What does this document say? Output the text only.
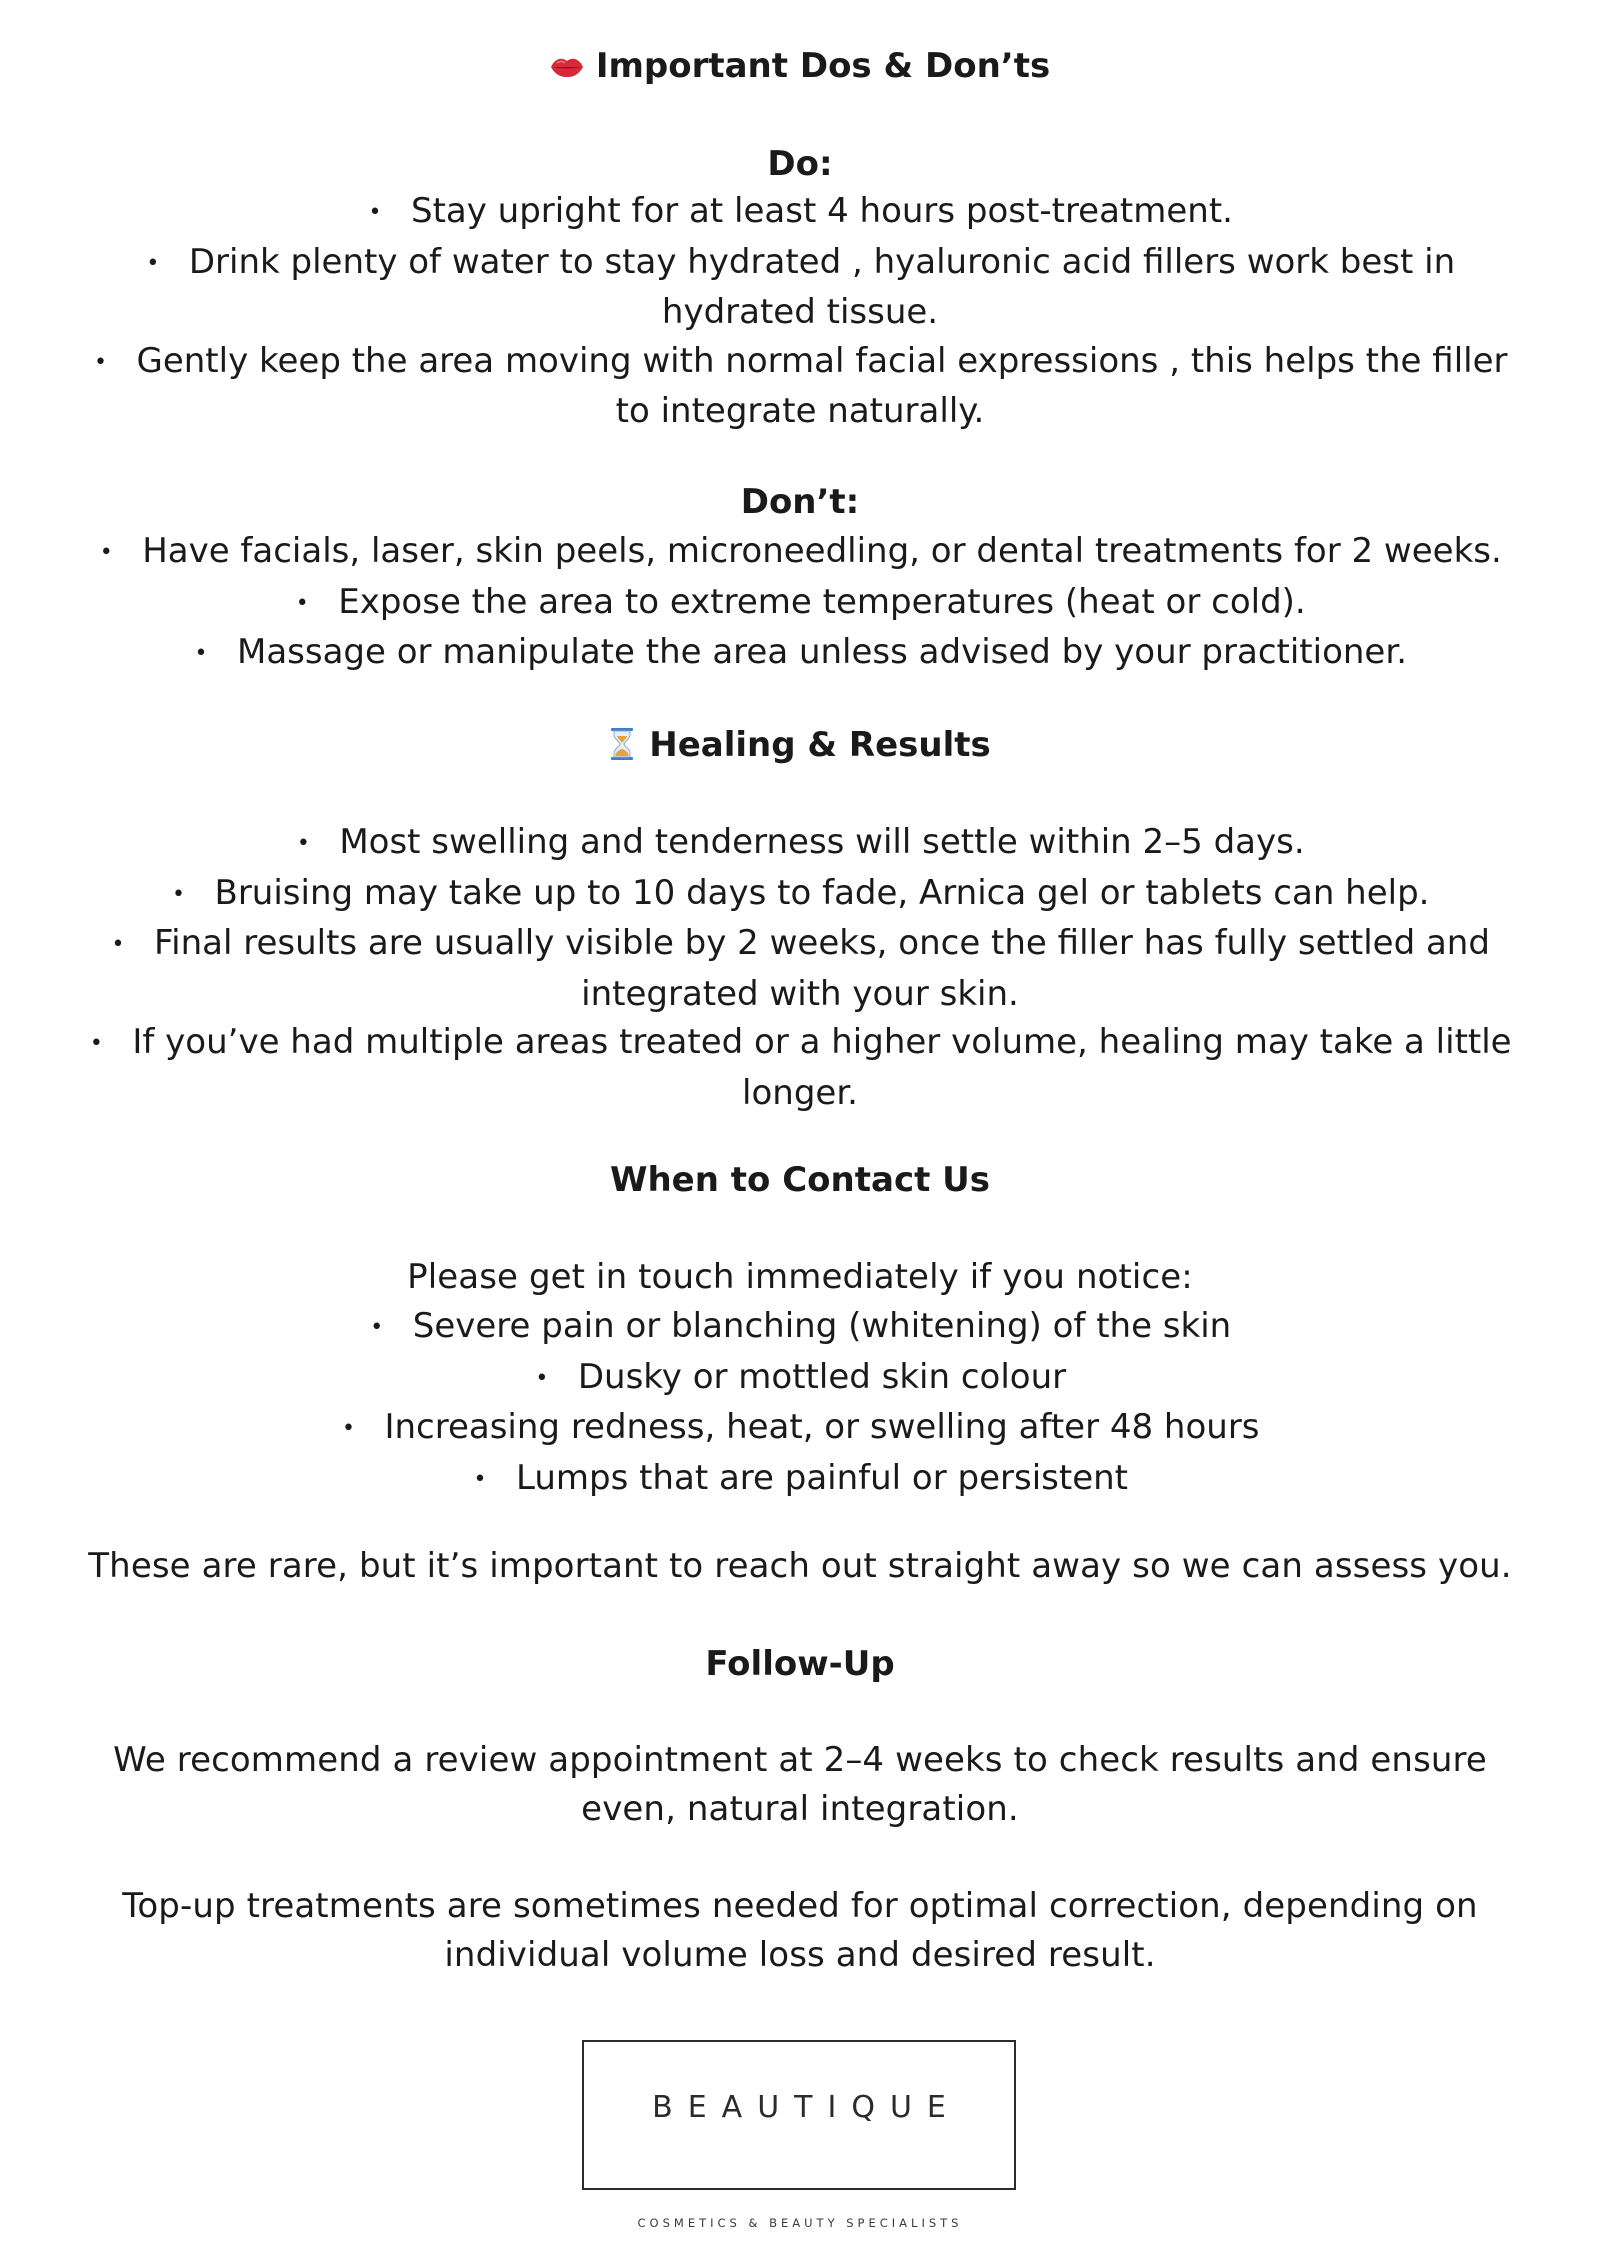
Important Dos & Don’ts
Do:
• Stay upright for at least 4 hours post-treatment.
• Drink plenty of water to stay hydrated , hyaluronic acid fillers work best in hydrated tissue.
• Gently keep the area moving with normal facial expressions , this helps the filler to integrate naturally.
Don’t:
• Have facials, laser, skin peels, microneedling, or dental treatments for 2 weeks.
• Expose the area to extreme temperatures (heat or cold).
• Massage or manipulate the area unless advised by your practitioner.
Healing & Results
• Most swelling and tenderness will settle within 2–5 days.
• Bruising may take up to 10 days to fade, Arnica gel or tablets can help.
• Final results are usually visible by 2 weeks, once the filler has fully settled and integrated with your skin.
• If you’ve had multiple areas treated or a higher volume, healing may take a little longer.
When to Contact Us

Please get in touch immediately if you notice:

• Severe pain or blanching (whitening) of the skin
• Dusky or mottled skin colour
• Increasing redness, heat, or swelling after 48 hours
• Lumps that are painful or persistent

These are rare, but it’s important to reach out straight away so we can assess you.

Follow-Up

We recommend a review appointment at 2–4 weeks to check results and ensure even, natural integration.

Top-up treatments are sometimes needed for optimal correction, depending on individual volume loss and desired result.

BEAUTIQUE
COSMETICS & BEAUTY SPECIALISTS
